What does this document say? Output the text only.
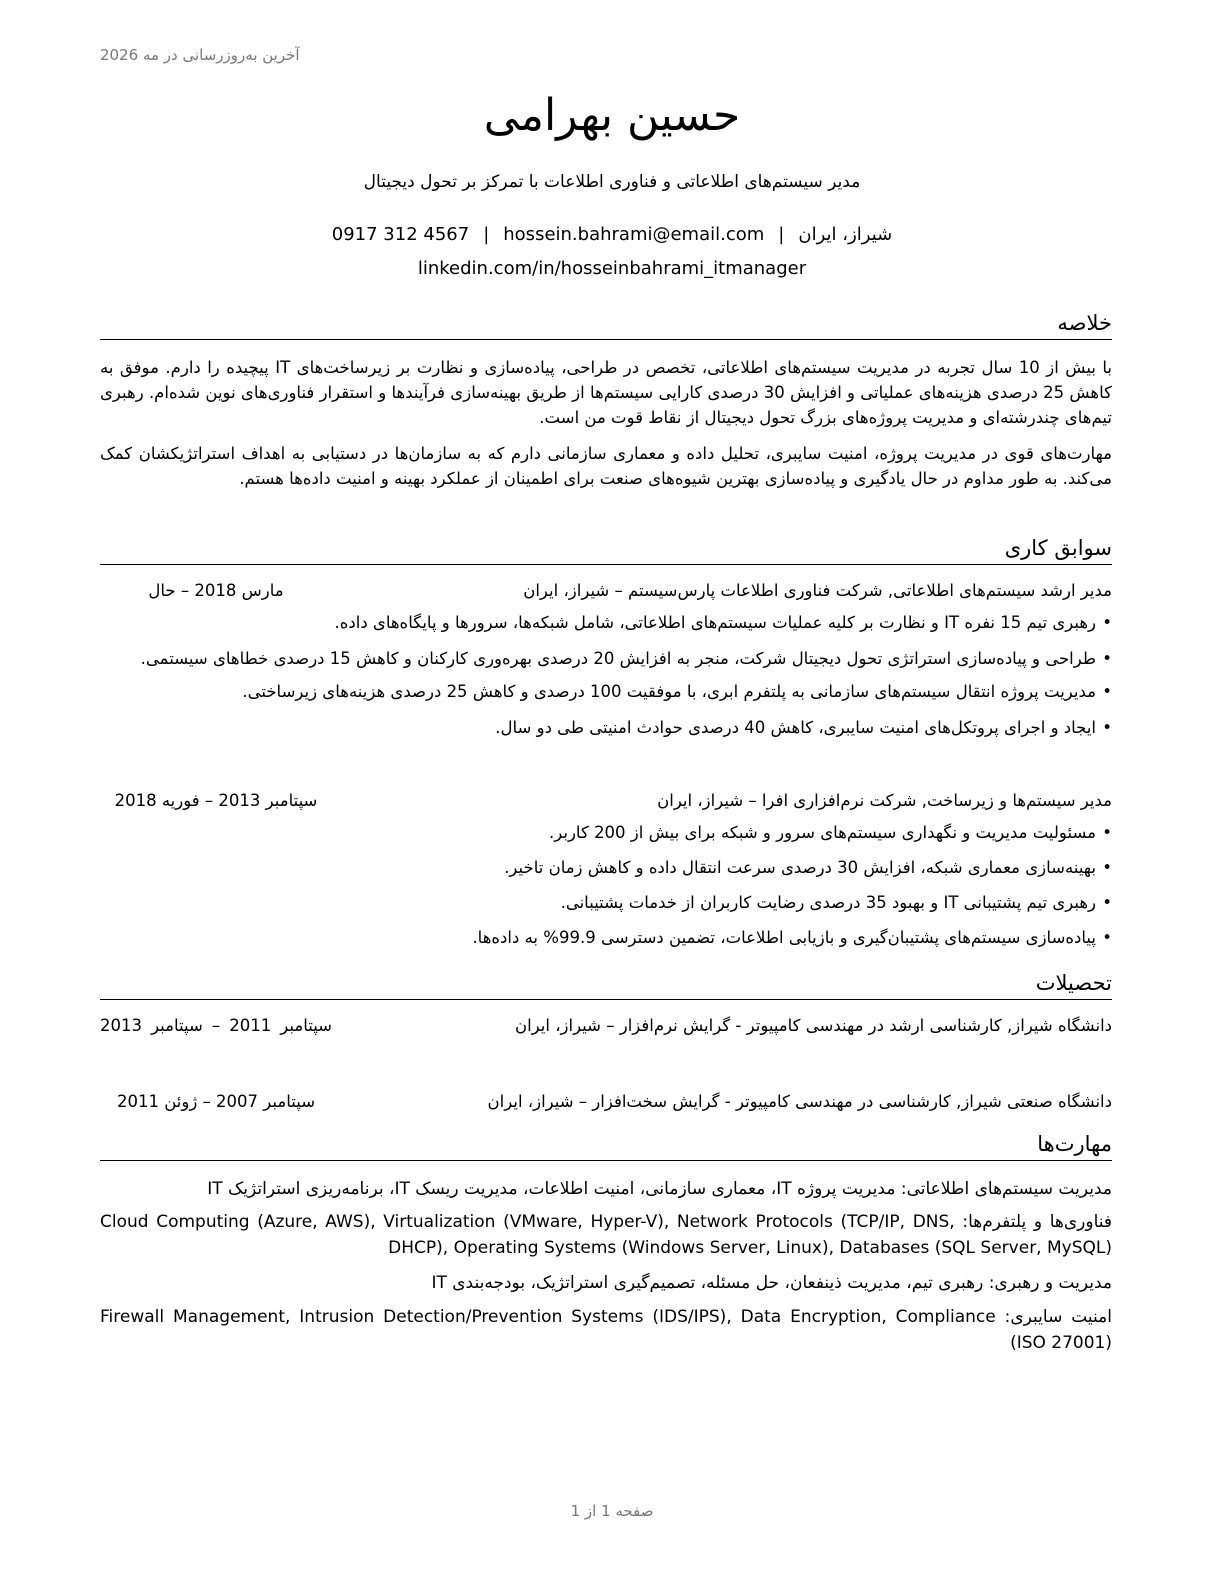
آخرین به‌روزرسانی در مه 2026
حسین بهرامی
مدیر سیستم‌های اطلاعاتی و فناوری اطلاعات با تمرکز بر تحول دیجیتال
0917 312 4567 | hossein.bahrami@email.com | شیراز، ایران
linkedin.com/in/hosseinbahrami_itmanager
خلاصه
با بیش از 10 سال تجربه در مدیریت سیستم‌های اطلاعاتی، تخصص در طراحی، پیاده‌سازی و نظارت بر زیرساخت‌های IT پیچیده را دارم. موفق به کاهش 25 درصدی هزینه‌های عملیاتی و افزایش 30 درصدی کارایی سیستم‌ها از طریق بهینه‌سازی فرآیندها و استقرار فناوری‌های نوین شده‌ام. رهبری تیم‌های چندرشته‌ای و مدیریت پروژه‌های بزرگ تحول دیجیتال از نقاط قوت من است.
مهارت‌های قوی در مدیریت پروژه، امنیت سایبری، تحلیل داده و معماری سازمانی دارم که به سازمان‌ها در دستیابی به اهداف استراتژیکشان کمک می‌کند. به طور مداوم در حال یادگیری و پیاده‌سازی بهترین شیوه‌های صنعت برای اطمینان از عملکرد بهینه و امنیت داده‌ها هستم.
سوابق کاری
مدیر ارشد سیستم‌های اطلاعاتی, شرکت فناوری اطلاعات پارس‌سیستم – شیراز، ایران
مارس 2018 – حال
• رهبری تیم 15 نفره IT و نظارت بر کلیه عملیات سیستم‌های اطلاعاتی، شامل شبکه‌ها، سرورها و پایگاه‌های داده.
• طراحی و پیاده‌سازی استراتژی تحول دیجیتال شرکت، منجر به افزایش 20 درصدی بهره‌وری کارکنان و کاهش 15 درصدی خطاهای سیستمی.
• مدیریت پروژه انتقال سیستم‌های سازمانی به پلتفرم ابری، با موفقیت 100 درصدی و کاهش 25 درصدی هزینه‌های زیرساختی.
• ایجاد و اجرای پروتکل‌های امنیت سایبری، کاهش 40 درصدی حوادث امنیتی طی دو سال.
مدیر سیستم‌ها و زیرساخت, شرکت نرم‌افزاری افرا – شیراز، ایران
سپتامبر 2013 – فوریه 2018
• مسئولیت مدیریت و نگهداری سیستم‌های سرور و شبکه برای بیش از 200 کاربر.
• بهینه‌سازی معماری شبکه، افزایش 30 درصدی سرعت انتقال داده و کاهش زمان تاخیر.
• رهبری تیم پشتیبانی IT و بهبود 35 درصدی رضایت کاربران از خدمات پشتیبانی.
• پیاده‌سازی سیستم‌های پشتیبان‌گیری و بازیابی اطلاعات، تضمین دسترسی 99.9% به داده‌ها.
تحصیلات
دانشگاه شیراز, کارشناسی ارشد در مهندسی کامپیوتر - گرایش نرم‌افزار – شیراز، ایران
سپتامبر 2011 – سپتامبر 2013
دانشگاه صنعتی شیراز, کارشناسی در مهندسی کامپیوتر - گرایش سخت‌افزار – شیراز، ایران
سپتامبر 2007 – ژوئن 2011
مهارت‌ها
مدیریت سیستم‌های اطلاعاتی: مدیریت پروژه IT، معماری سازمانی، امنیت اطلاعات، مدیریت ریسک IT، برنامه‌ریزی استراتژیک IT
فناوری‌ها و پلتفرم‌ها: Cloud Computing (Azure, AWS), Virtualization (VMware, Hyper-V), Network Protocols (TCP/IP, DNS, DHCP), Operating Systems (Windows Server, Linux), Databases (SQL Server, MySQL)
مدیریت و رهبری: رهبری تیم، مدیریت ذینفعان، حل مسئله، تصمیم‌گیری استراتژیک، بودجه‌بندی IT
امنیت سایبری: Firewall Management, Intrusion Detection/Prevention Systems (IDS/IPS), Data Encryption, Compliance (ISO 27001)
صفحه 1 از 1
